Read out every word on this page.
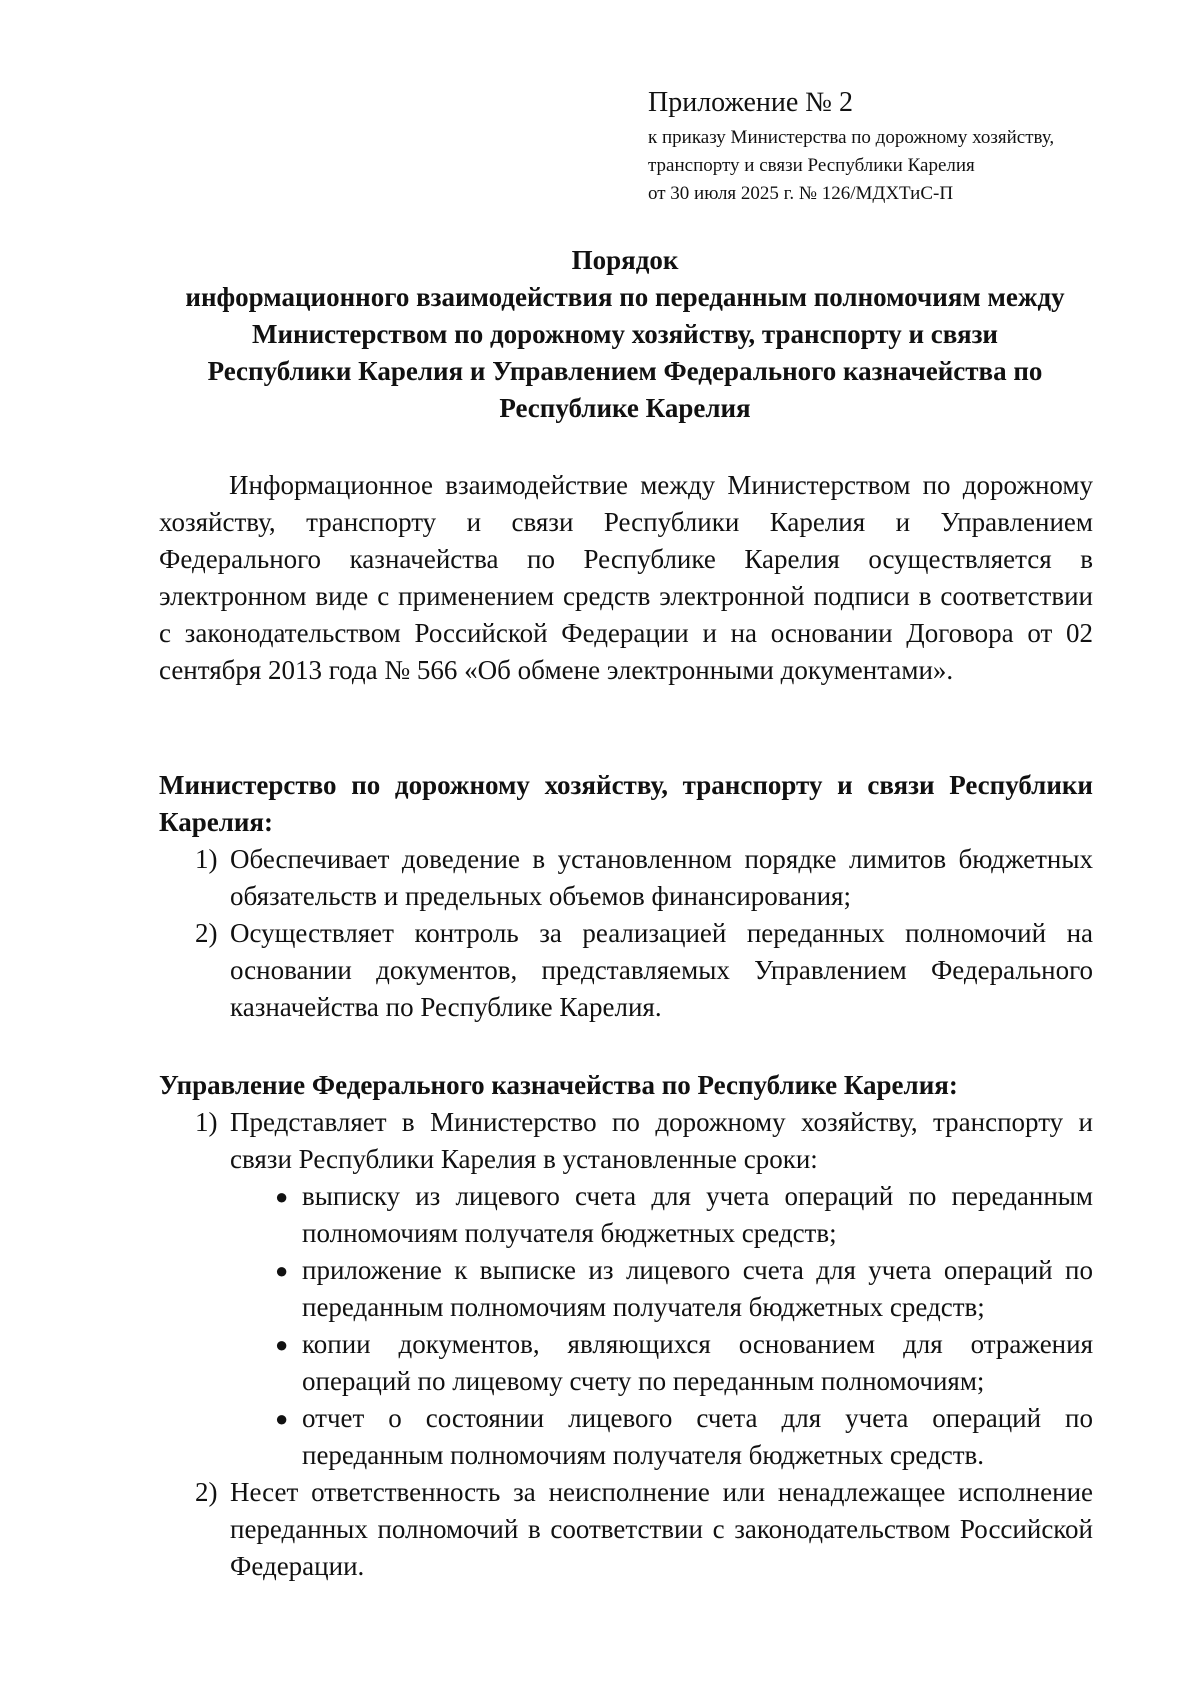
Приложение № 2

к приказу Министерства по дорожному хозяйству,

транспорту и связи Республики Карелия

от 30 июля 2025 г. № 126/МДХТиС-П

Порядок
информационного взаимодействия по переданным полномочиям между
Министерством по дорожному хозяйству, транспорту и связи
Республики Карелия и Управлением Федерального казначейства по
Республике Карелия

Информационное взаимодействие между Министерством по дорожному хозяйству, транспорту и связи Республики Карелия и Управлением Федерального казначейства по Республике Карелия осуществляется в электронном виде с применением средств электронной подписи в соответствии с законодательством Российской Федерации и на основании Договора от 02 сентября 2013 года № 566 «Об обмене электронными документами».

Министерство по дорожному хозяйству, транспорту и связи Республики Карелия:
1) Обеспечивает доведение в установленном порядке лимитов бюджетных обязательств и предельных объемов финансирования;
2) Осуществляет контроль за реализацией переданных полномочий на основании документов, представляемых Управлением Федерального казначейства по Республике Карелия.
Управление Федерального казначейства по Республике Карелия:
1) Представляет в Министерство по дорожному хозяйству, транспорту и связи Республики Карелия в установленные сроки:
● выписку из лицевого счета для учета операций по переданным полномочиям получателя бюджетных средств;
● приложение к выписке из лицевого счета для учета операций по переданным полномочиям получателя бюджетных средств;
● копии документов, являющихся основанием для отражения операций по лицевому счету по переданным полномочиям;
● отчет о состоянии лицевого счета для учета операций по переданным полномочиям получателя бюджетных средств.
2) Несет ответственность за неисполнение или ненадлежащее исполнение переданных полномочий в соответствии с законодательством Российской Федерации.
